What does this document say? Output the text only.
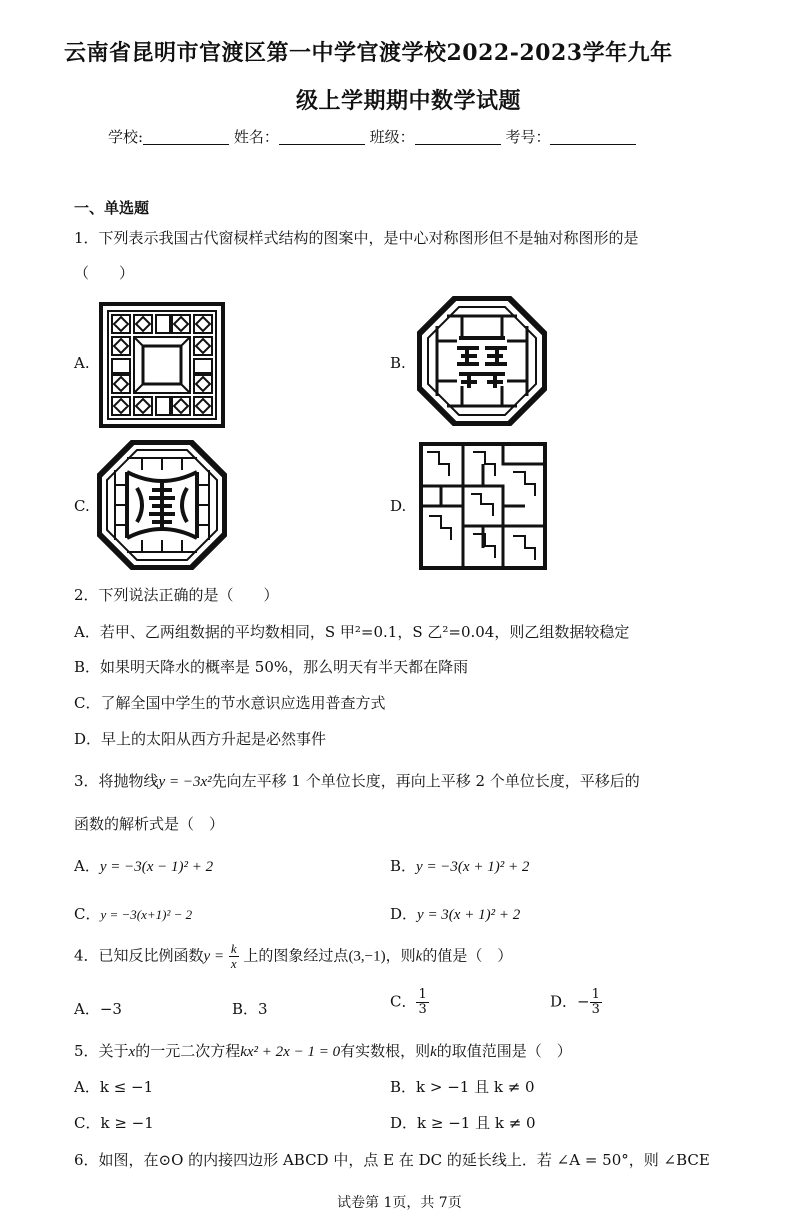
云南省昆明市官渡区第一中学官渡学校2022-2023学年九年
级上学期期中数学试题
学校:	姓名：	班级：	考号：
一、单选题
1．下列表示我国古代窗棂样式结构的图案中，是中心对称图形但不是轴对称图形的是
（　　）
A.	B.
C.	D.
2．下列说法正确的是（　　）
A．若甲、乙两组数据的平均数相同，S 甲²=0.1，S 乙²=0.04，则乙组数据较稳定
B．如果明天降水的概率是 50%，那么明天有半天都在降雨
C．了解全国中学生的节水意识应选用普查方式
D．早上的太阳从西方升起是必然事件
3．将抛物线y = −3x²先向左平移 1 个单位长度，再向上平移 2 个单位长度，平移后的
函数的解析式是（　）
A．y = −3(x − 1)² + 2	B．y = −3(x + 1)² + 2
C．y = −3(x+1)² − 2	D．y = 3(x + 1)² + 2
4．已知反比例函数$y = \frac{k}{x}$ 上的图象经过点(3,−1)，则k的值是（　）
A．−3	B．3	C． $\frac{1}{3}$	D．− $\frac{1}{3}$
5．关于x的一元二次方程kx² + 2x − 1 = 0有实数根，则k的取值范围是（　）
A．k ≤ −1	B．k > −1 且 k ≠ 0
C．k ≥ −1	D．k ≥ −1 且 k ≠ 0
6．如图，在⊙O 的内接四边形 ABCD 中，点 E 在 DC 的延长线上．若 ∠A = 50°，则 ∠BCE
试卷第 1页，共 7页
